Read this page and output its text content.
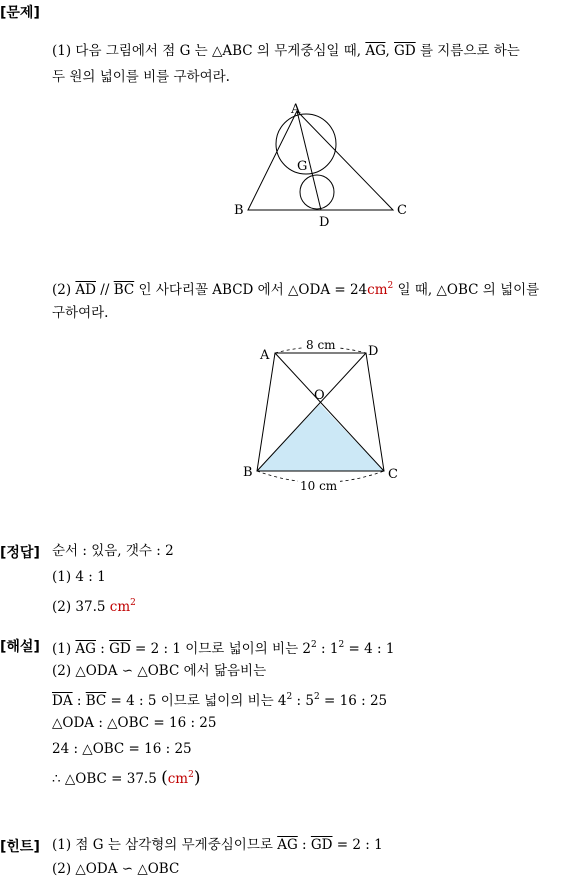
[문제]
(1) 다음 그림에서 점 G 는 △ABC 의 무게중심일 때, $\overline{AG}$, $\overline{GD}$ 를 지름으로 하는
두 원의 넓이를 비를 구하여라.
A
G
B	C
D
(2) $\overline{AD} // \overline{BC}$ 인 사다리꼴 ABCD 에서 △ODA = $24cm^2$ 일 때, △OBC 의 넓이를
구하여라.
8 cm
10 cm
A	D
O
B	C
[정답] 순서 : 있음, 갯수 : 2
(1) 4 : 1
(2) 37.5 $cm^2$
[해설] (1) $\overline{AG}$ : $\overline{GD} = 2$ : 1 이므로 넓이의 비는 $2^2$ : $1^2 = 4$ : 1
(2) △ODA ∽ △OBC 에서 닮음비는
$\overline{DA}$ : $\overline{BC} = 4$ : 5 이므로 넓이의 비는 $4^2$ : $5^2 = 16$ : 25
△ODA : △OBC = 16 : 25
24 : △OBC = 16 : 25
∴ △OBC = 37.5 $(cm^2)$
[힌트] (1) 점 G 는 삼각형의 무게중심이므로 $\overline{AG}$ : $\overline{GD} = 2$ : 1
(2) △ODA ∽ △OBC
